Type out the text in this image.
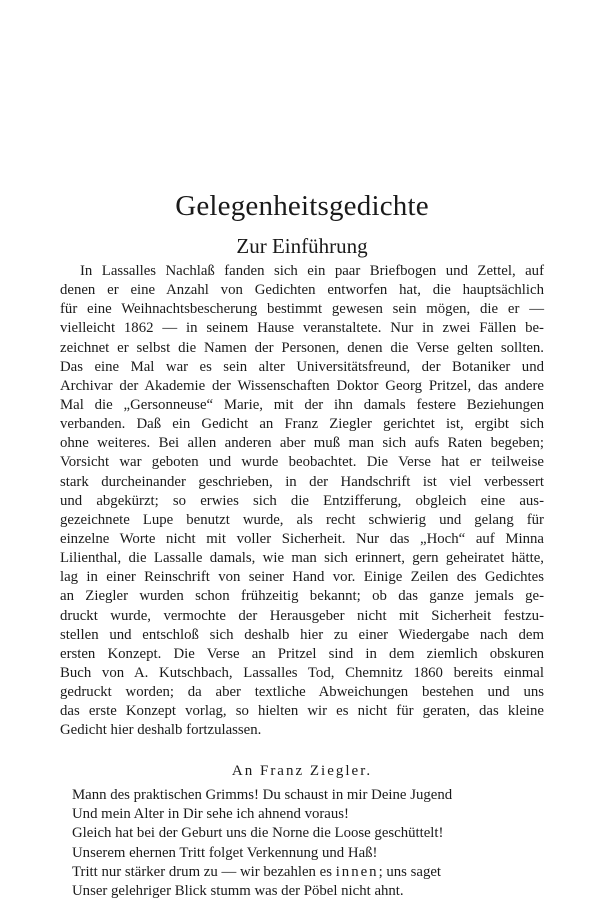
Gelegenheitsgedichte
Zur Einführung
In Lassalles Nachlaß fanden sich ein paar Briefbogen und Zettel, auf
denen er eine Anzahl von Gedichten entworfen hat, die hauptsächlich
für eine Weihnachtsbescherung bestimmt gewesen sein mögen, die er —
vielleicht 1862 — in seinem Hause veranstaltete. Nur in zwei Fällen be-
zeichnet er selbst die Namen der Personen, denen die Verse gelten sollten.
Das eine Mal war es sein alter Universitätsfreund, der Botaniker und
Archivar der Akademie der Wissenschaften Doktor Georg Pritzel, das andere
Mal die „Gersonneuse“ Marie, mit der ihn damals festere Beziehungen
verbanden. Daß ein Gedicht an Franz Ziegler gerichtet ist, ergibt sich
ohne weiteres. Bei allen anderen aber muß man sich aufs Raten begeben;
Vorsicht war geboten und wurde beobachtet. Die Verse hat er teilweise
stark durcheinander geschrieben, in der Handschrift ist viel verbessert
und abgekürzt; so erwies sich die Entzifferung, obgleich eine aus-
gezeichnete Lupe benutzt wurde, als recht schwierig und gelang für
einzelne Worte nicht mit voller Sicherheit. Nur das „Hoch“ auf Minna
Lilienthal, die Lassalle damals, wie man sich erinnert, gern geheiratet hätte,
lag in einer Reinschrift von seiner Hand vor. Einige Zeilen des Gedichtes
an Ziegler wurden schon frühzeitig bekannt; ob das ganze jemals ge-
druckt wurde, vermochte der Herausgeber nicht mit Sicherheit festzu-
stellen und entschloß sich deshalb hier zu einer Wiedergabe nach dem
ersten Konzept. Die Verse an Pritzel sind in dem ziemlich obskuren
Buch von A. Kutschbach, Lassalles Tod, Chemnitz 1860 bereits einmal
gedruckt worden; da aber textliche Abweichungen bestehen und uns
das erste Konzept vorlag, so hielten wir es nicht für geraten, das kleine
Gedicht hier deshalb fortzulassen.
An Franz Ziegler.
Mann des praktischen Grimms! Du schaust in mir Deine Jugend
Und mein Alter in Dir sehe ich ahnend voraus!
Gleich hat bei der Geburt uns die Norne die Loose geschüttelt!
Unserem ehernen Tritt folget Verkennung und Haß!
Tritt nur stärker drum zu — wir bezahlen es innen; uns saget
Unser gelehriger Blick stumm was der Pöbel nicht ahnt.
